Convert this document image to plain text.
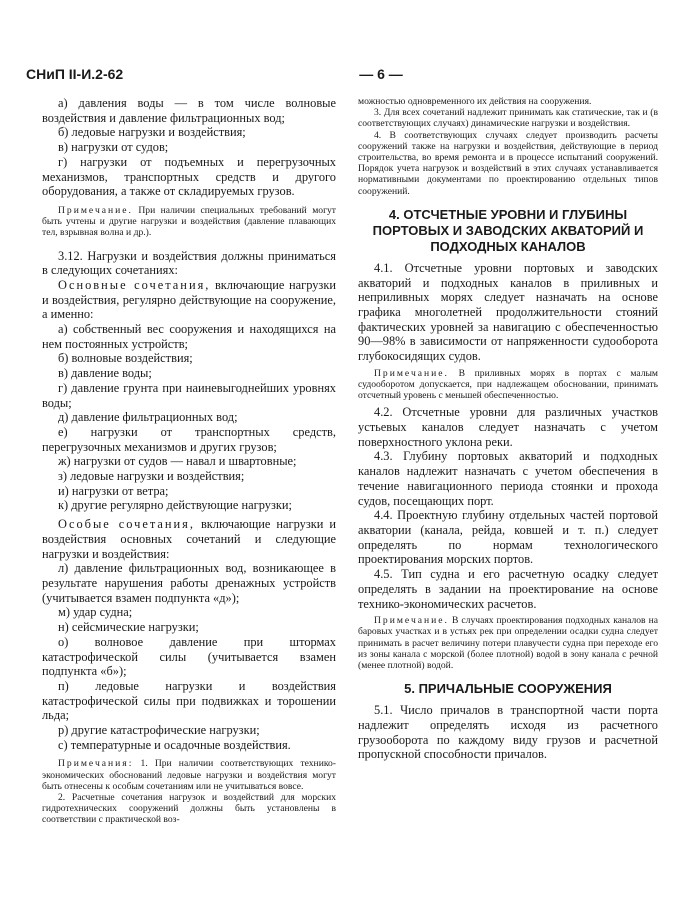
СНиП II-И.2-62	— 6 —

а) давления воды — в том числе волновые воздействия и давление фильтрационных вод;

б) ледовые нагрузки и воздействия;

в) нагрузки от судов;

г) нагрузки от подъемных и перегрузочных механизмов, транспортных средств и другого оборудования, а также от складируемых грузов.

Примечание. При наличии специальных требований могут быть учтены и другие нагрузки и воздействия (давление плавающих тел, взрывная волна и др.).

3.12. Нагрузки и воздействия должны приниматься в следующих сочетаниях:

Основные сочетания, включающие нагрузки и воздействия, регулярно действующие на сооружение, а именно:

а) собственный вес сооружения и находящихся на нем постоянных устройств;

б) волновые воздействия;

в) давление воды;

г) давление грунта при наиневыгоднейших уровнях воды;

д) давление фильтрационных вод;

е) нагрузки от транспортных средств, перегрузочных механизмов и других грузов;

ж) нагрузки от судов — навал и швартовные;

з) ледовые нагрузки и воздействия;

и) нагрузки от ветра;

к) другие регулярно действующие нагрузки;

Особые сочетания, включающие нагрузки и воздействия основных сочетаний и следующие нагрузки и воздействия:

л) давление фильтрационных вод, возникающее в результате нарушения работы дренажных устройств (учитывается взамен подпункта «д»);

м) удар судна;

н) сейсмические нагрузки;

о) волновое давление при штормах катастрофической силы (учитывается взамен подпункта «б»);

п) ледовые нагрузки и воздействия катастрофической силы при подвижках и торошении льда;

р) другие катастрофические нагрузки;

с) температурные и осадочные воздействия.

Примечания: 1. При наличии соответствующих технико-экономических обоснований ледовые нагрузки и воздействия могут быть отнесены к особым сочетаниям или не учитываться вовсе.

2. Расчетные сочетания нагрузок и воздействий для морских гидротехнических сооружений должны быть установлены в соответствии с практической воз-

можностью одновременного их действия на сооружения.

3. Для всех сочетаний надлежит принимать как статические, так и (в соответствующих случаях) динамические нагрузки и воздействия.

4. В соответствующих случаях следует производить расчеты сооружений также на нагрузки и воздействия, действующие в период строительства, во время ремонта и в процессе испытаний сооружений. Порядок учета нагрузок и воздействий в этих случаях устанавливается нормативными документами по проектированию отдельных типов сооружений.

4. ОТСЧЕТНЫЕ УРОВНИ И ГЛУБИНЫ ПОРТОВЫХ И ЗАВОДСКИХ АКВАТОРИЙ И ПОДХОДНЫХ КАНАЛОВ

4.1. Отсчетные уровни портовых и заводских акваторий и подходных каналов в приливных и неприливных морях следует назначать на основе графика многолетней продолжительности стояний фактических уровней за навигацию с обеспеченностью 90—98% в зависимости от напряженности судооборота глубокосидящих судов.

Примечание. В приливных морях в портах с малым судооборотом допускается, при надлежащем обосновании, принимать отсчетный уровень с меньшей обеспеченностью.

4.2. Отсчетные уровни для различных участков устьевых каналов следует назначать с учетом поверхностного уклона реки.

4.3. Глубину портовых акваторий и подходных каналов надлежит назначать с учетом обеспечения в течение навигационного периода стоянки и прохода судов, посещающих порт.

4.4. Проектную глубину отдельных частей портовой акватории (канала, рейда, ковшей и т. п.) следует определять по нормам технологического проектирования морских портов.

4.5. Тип судна и его расчетную осадку следует определять в задании на проектирование на основе технико-экономических расчетов.

Примечание. В случаях проектирования подходных каналов на баровых участках и в устьях рек при определении осадки судна следует принимать в расчет величину потери плавучести судна при переходе его из зоны канала с морской (более плотной) водой в зону канала с речной (менее плотной) водой.

5. ПРИЧАЛЬНЫЕ СООРУЖЕНИЯ

5.1. Число причалов в транспортной части порта надлежит определять исходя из расчетного грузооборота по каждому виду грузов и расчетной пропускной способности причалов.
